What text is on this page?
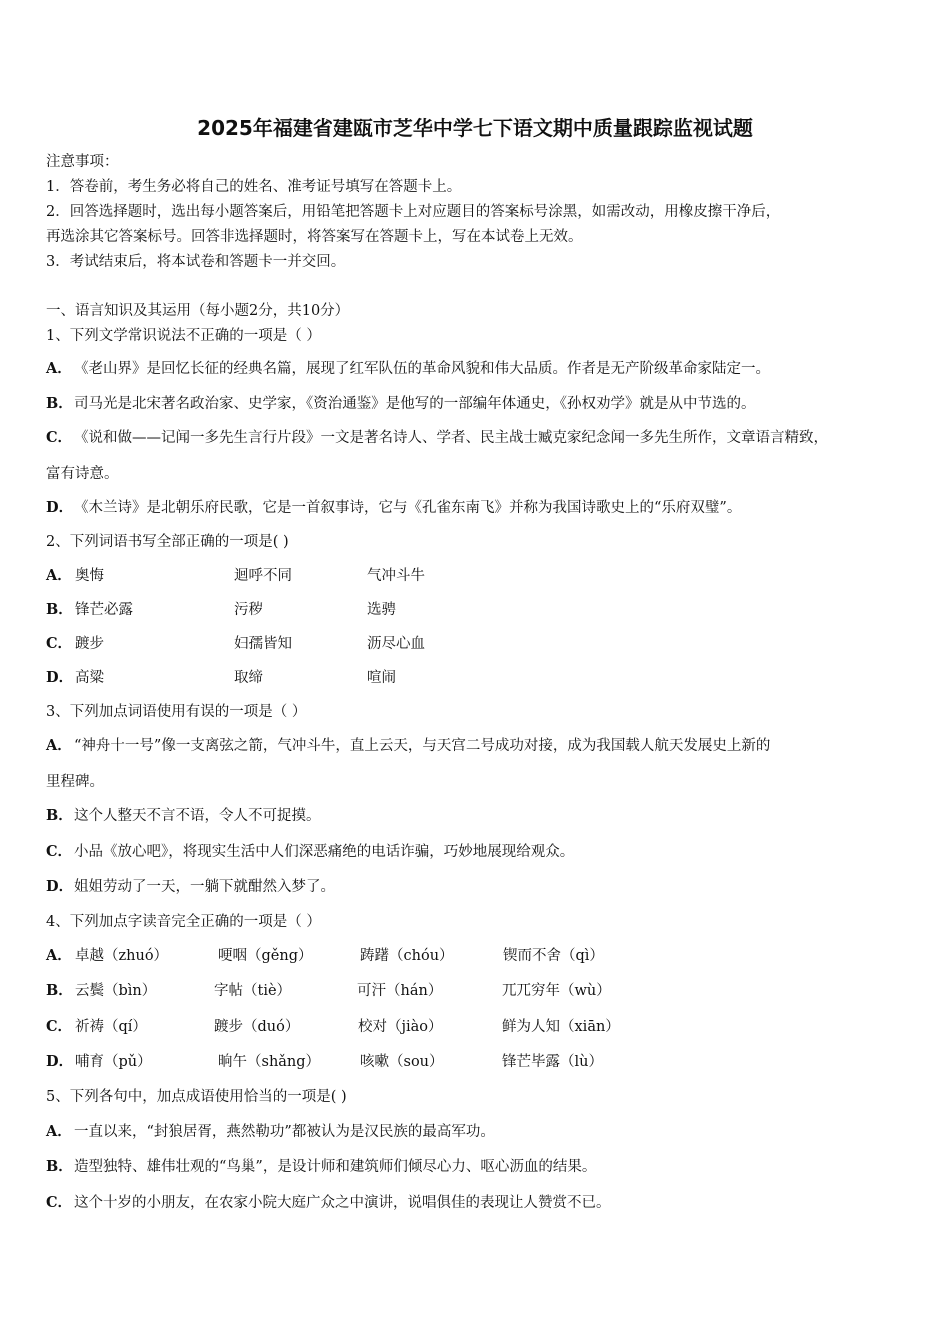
2025年福建省建瓯市芝华中学七下语文期中质量跟踪监视试题
注意事项：
1．答卷前，考生务必将自己的姓名、准考证号填写在答题卡上。
2．回答选择题时，选出每小题答案后，用铅笔把答题卡上对应题目的答案标号涂黑，如需改动，用橡皮擦干净后，
再选涂其它答案标号。回答非选择题时，将答案写在答题卡上，写在本试卷上无效。
3．考试结束后，将本试卷和答题卡一并交回。
一、语言知识及其运用（每小题2分，共10分）
1、下列文学常识说法不正确的一项是（ ）
A． 《老山界》是回忆长征的经典名篇，展现了红军队伍的革命风貌和伟大品质。作者是无产阶级革命家陆定一。
B．司马光是北宋著名政治家、史学家，《资治通鉴》是他写的一部编年体通史，《孙权劝学》就是从中节选的。
C． 《说和做——记闻一多先生言行片段》一文是著名诗人、学者、民主战士臧克家纪念闻一多先生所作，文章语言精致，
富有诗意。
D．《木兰诗》是北朝乐府民歌，它是一首叙事诗，它与《孔雀东南飞》并称为我国诗歌史上的“乐府双璧”。
2、下列词语书写全部正确的一项是( )
A． 奥悔	迴呼不同	气冲斗牛
B． 锋芒必露	污秽	选骋
C． 踱步	妇孺皆知	沥尽心血
D． 高粱	取缔	喧闹
3、下列加点词语使用有误的一项是（ ）
A． “神舟十一号”像一支离弦之箭，气冲斗牛，直上云天，与天宫二号成功对接，成为我国载人航天发展史上新的
里程碑。
B．这个人整天不言不语，令人不可捉摸。
C． 小品《放心吧》，将现实生活中人们深恶痛绝的电话诈骗，巧妙地展现给观众。
D．姐姐劳动了一天，一躺下就酣然入梦了。
4、下列加点字读音完全正确的一项是（ ）
A． 卓越（zhuó）	哽咽（gěng）	踌躇（chóu）	锲而不舍（qì）
B． 云鬓（bìn）	字帖（tiè）	可汗（hán）	兀兀穷年（wù）
C． 祈祷（qí）	踱步（duó）	校对（jiào）	鲜为人知（xiān）
D． 哺育（pǔ）	晌午（shǎng）	咳嗽（sou）	锋芒毕露（lù）
5、下列各句中，加点成语使用恰当的一项是( )
A． 一直以来，“封狼居胥，燕然勒功”都被认为是汉民族的最高军功。
B．造型独特、雄伟壮观的“鸟巢”，是设计师和建筑师们倾尽心力、呕心沥血的结果。
C． 这个十岁的小朋友，在农家小院大庭广众之中演讲，说唱俱佳的表现让人赞赏不已。
